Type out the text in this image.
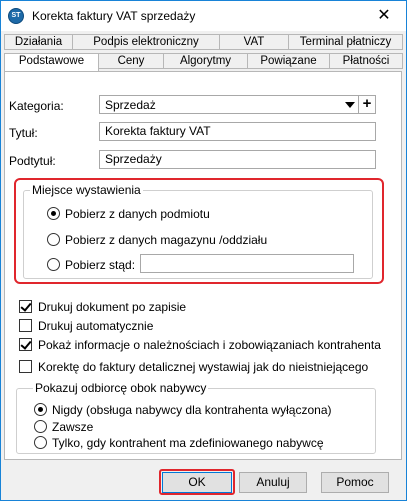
ST Korekta faktury VAT sprzedaży	✕
Działania	Podpis elektroniczny	VAT	Terminal płatniczy
Podstawowe	Ceny	Algorytmy	Powiązane	Płatności
Kategoria:	Sprzedaż	+
Tytuł:	Korekta faktury VAT
Podtytuł:	Sprzedaży
Miejsce wystawienia
Pobierz z danych podmiotu
Pobierz z danych magazynu /oddziału
Pobierz stąd:
Drukuj dokument po zapisie
Drukuj automatycznie
Pokaż informacje o należnościach i zobowiązaniach kontrahenta
Korektę do faktury detalicznej wystawiaj jak do nieistniejącego
Pokazuj odbiorcę obok nabywcy
Nigdy (obsługa nabywcy dla kontrahenta wyłączona)
Zawsze
Tylko, gdy kontrahent ma zdefiniowanego nabywcę
OK	Anuluj	Pomoc
